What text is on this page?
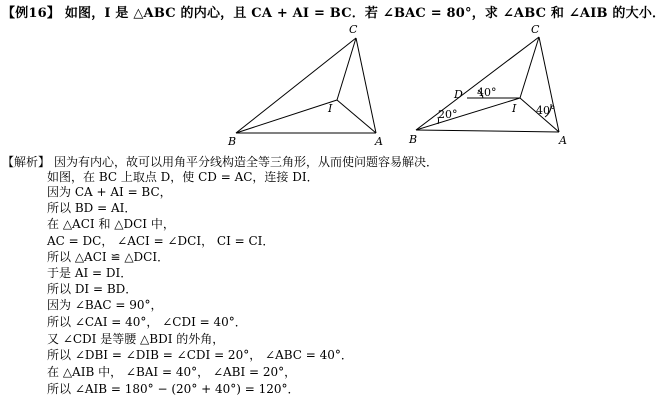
【例16】 如图，I 是 △ABC 的内心，且 CA + AI = BC．若 ∠BAC = 80°，求 ∠ABC 和 ∠AIB 的大小．
C
I
B	A
C
D
I
B	A
40°
20°	40°
【解析】 因为有内心，故可以用角平分线构造全等三角形，从而使问题容易解决．
如图，在 BC 上取点 D，使 CD = AC，连接 DI．
因为 CA + AI = BC，
所以 BD = AI．
在 △ACI 和 △DCI 中，
AC = DC， ∠ACI = ∠DCI， CI = CI．
所以 △ACI ≌ △DCI．
于是 AI = DI．
所以 DI = BD．
因为 ∠BAC = 90°，
所以 ∠CAI = 40°， ∠CDI = 40°．
又 ∠CDI 是等腰 △BDI 的外角，
所以 ∠DBI = ∠DIB = ∠CDI = 20°， ∠ABC = 40°．
在 △AIB 中， ∠BAI = 40°， ∠ABI = 20°，
所以 ∠AIB = 180° − (20° + 40°) = 120°．
